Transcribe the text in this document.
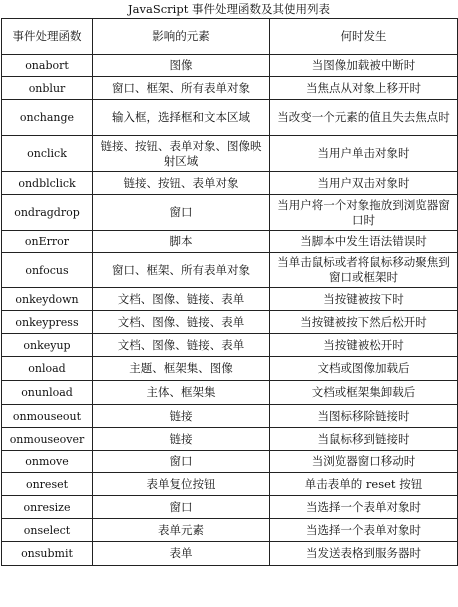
JavaScript 事件处理函数及其使用列表
事件处理函数	影响的元素	何时发生
onabort	图像	当图像加载被中断时
onblur	窗口、框架、所有表单对象	当焦点从对象上移开时
onchange	输入框，选择框和文本区域	当改变一个元素的值且失去焦点时
onclick	链接、按钮、表单对象、图像映射区域	当用户单击对象时
ondblclick	链接、按钮、表单对象	当用户双击对象时
ondragdrop	窗口	当用户将一个对象拖放到浏览器窗口时
onError	脚本	当脚本中发生语法错误时
onfocus	窗口、框架、所有表单对象	当单击鼠标或者将鼠标移动聚焦到窗口或框架时
onkeydown	文档、图像、链接、表单	当按键被按下时
onkeypress	文档、图像、链接、表单	当按键被按下然后松开时
onkeyup	文档、图像、链接、表单	当按键被松开时
onload	主题、框架集、图像	文档或图像加载后
onunload	主体、框架集	文档或框架集卸载后
onmouseout	链接	当图标移除链接时
onmouseover	链接	当鼠标移到链接时
onmove	窗口	当浏览器窗口移动时
onreset	表单复位按钮	单击表单的 reset 按钮
onresize	窗口	当选择一个表单对象时
onselect	表单元素	当选择一个表单对象时
onsubmit	表单	当发送表格到服务器时
